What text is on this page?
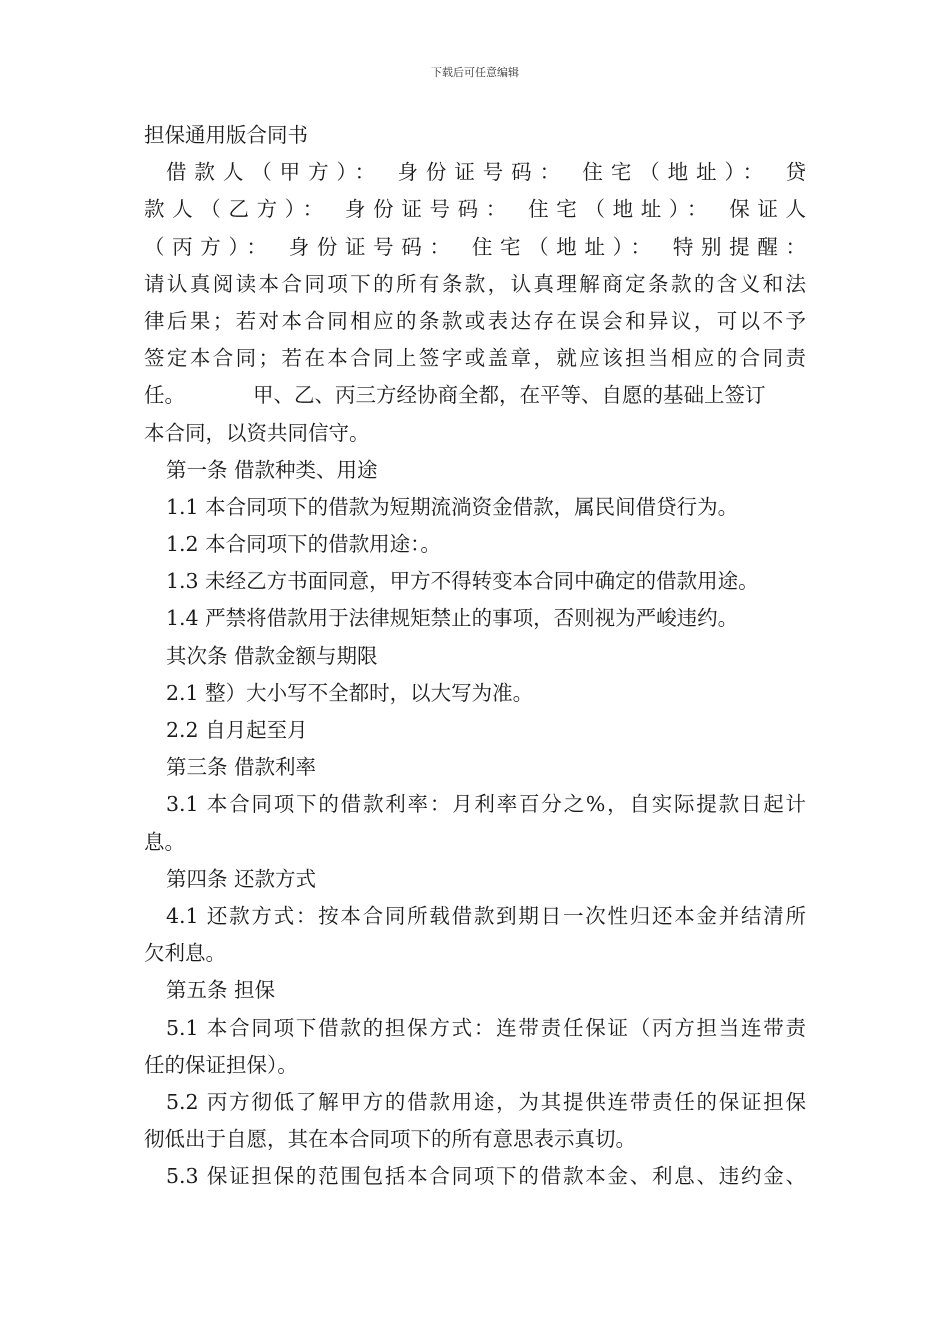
下载后可任意编辑
担保通用版合同书
借款人（甲方）： 身份证号码： 住宅（地址）： 贷
款人（乙方）： 身份证号码： 住宅（地址）： 保证人
（丙方）： 身份证号码： 住宅（地址）： 特别提醒：
请认真阅读本合同项下的所有条款，认真理解商定条款的含义和法
律后果；若对本合同相应的条款或表达存在误会和异议，可以不予
签定本合同；若在本合同上签字或盖章，就应该担当相应的合同责
任。	甲、乙、丙三方经协商全都，在平等、自愿的基础上签订
本合同，以资共同信守。
第一条 借款种类、用途
1.1 本合同项下的借款为短期流淌资金借款，属民间借贷行为。
1.2 本合同项下的借款用途：。
1.3 未经乙方书面同意，甲方不得转变本合同中确定的借款用途。
1.4 严禁将借款用于法律规矩禁止的事项，否则视为严峻违约。
其次条 借款金额与期限
2.1 整）大小写不全都时，以大写为准。
2.2 自月起至月
第三条 借款利率
3.1 本合同项下的借款利率：月利率百分之%，自实际提款日起计
息。
第四条 还款方式
4.1 还款方式：按本合同所载借款到期日一次性归还本金并结清所
欠利息。
第五条 担保
5.1 本合同项下借款的担保方式：连带责任保证（丙方担当连带责
任的保证担保）。
5.2 丙方彻低了解甲方的借款用途，为其提供连带责任的保证担保
彻低出于自愿，其在本合同项下的所有意思表示真切。
5.3 保证担保的范围包括本合同项下的借款本金、利息、违约金、
